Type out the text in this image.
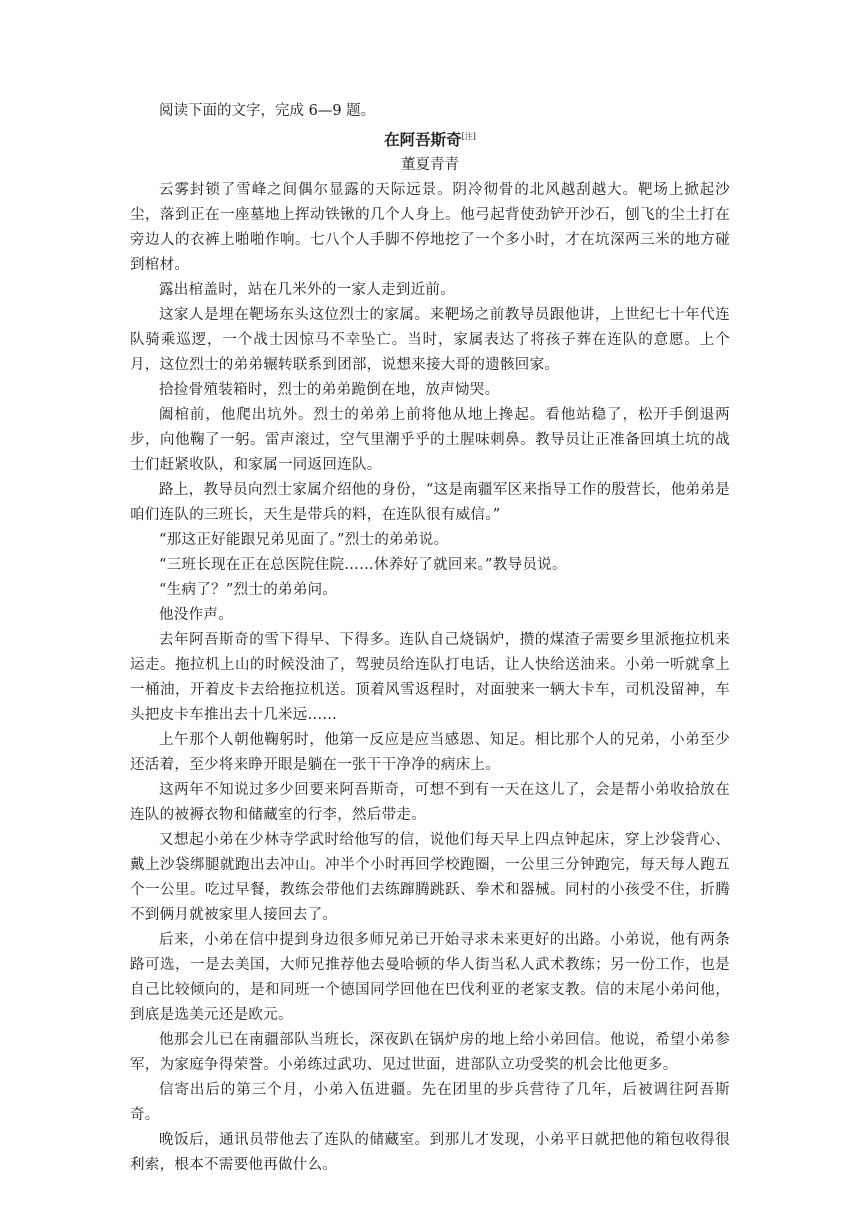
阅读下面的文字，完成 6—9 题。

在阿吾斯奇[注]

董夏青青

云雾封锁了雪峰之间偶尔显露的天际远景。阴冷彻骨的北风越刮越大。靶场上掀起沙尘，落到正在一座墓地上挥动铁锹的几个人身上。他弓起背使劲铲开沙石，刨飞的尘土打在旁边人的衣裤上啪啪作响。七八个人手脚不停地挖了一个多小时，才在坑深两三米的地方碰到棺材。

露出棺盖时，站在几米外的一家人走到近前。

这家人是埋在靶场东头这位烈士的家属。来靶场之前教导员跟他讲，上世纪七十年代连队骑乘巡逻，一个战士因惊马不幸坠亡。当时，家属表达了将孩子葬在连队的意愿。上个月，这位烈士的弟弟辗转联系到团部，说想来接大哥的遗骸回家。

拾捡骨殖装箱时，烈士的弟弟跪倒在地，放声恸哭。

阖棺前，他爬出坑外。烈士的弟弟上前将他从地上搀起。看他站稳了，松开手倒退两步，向他鞠了一躬。雷声滚过，空气里潮乎乎的土腥味刺鼻。教导员让正准备回填土坑的战士们赶紧收队，和家属一同返回连队。

路上，教导员向烈士家属介绍他的身份，“这是南疆军区来指导工作的殷营长，他弟弟是咱们连队的三班长，天生是带兵的料，在连队很有威信。”

“那这正好能跟兄弟见面了。”烈士的弟弟说。

“三班长现在正在总医院住院……休养好了就回来。”教导员说。

“生病了？”烈士的弟弟问。

他没作声。

去年阿吾斯奇的雪下得早、下得多。连队自己烧锅炉，攒的煤渣子需要乡里派拖拉机来运走。拖拉机上山的时候没油了，驾驶员给连队打电话，让人快给送油来。小弟一听就拿上一桶油，开着皮卡去给拖拉机送。顶着风雪返程时，对面驶来一辆大卡车，司机没留神，车头把皮卡车推出去十几米远……

上午那个人朝他鞠躬时，他第一反应是应当感恩、知足。相比那个人的兄弟，小弟至少还活着，至少将来睁开眼是躺在一张干干净净的病床上。

这两年不知说过多少回要来阿吾斯奇，可想不到有一天在这儿了，会是帮小弟收拾放在连队的被褥衣物和储藏室的行李，然后带走。

又想起小弟在少林寺学武时给他写的信，说他们每天早上四点钟起床，穿上沙袋背心、戴上沙袋绑腿就跑出去冲山。冲半个小时再回学校跑圈，一公里三分钟跑完，每天每人跑五个一公里。吃过早餐，教练会带他们去练蹿腾跳跃、拳术和器械。同村的小孩受不住，折腾不到俩月就被家里人接回去了。

后来，小弟在信中提到身边很多师兄弟已开始寻求未来更好的出路。小弟说，他有两条路可选，一是去美国，大师兄推荐他去曼哈顿的华人街当私人武术教练；另一份工作，也是自己比较倾向的，是和同班一个德国同学回他在巴伐利亚的老家支教。信的末尾小弟问他，到底是选美元还是欧元。

他那会儿已在南疆部队当班长，深夜趴在锅炉房的地上给小弟回信。他说，希望小弟参军，为家庭争得荣誉。小弟练过武功、见过世面，进部队立功受奖的机会比他更多。

信寄出后的第三个月，小弟入伍进疆。先在团里的步兵营待了几年，后被调往阿吾斯奇。

晚饭后，通讯员带他去了连队的储藏室。到那儿才发现，小弟平日就把他的箱包收得很利索，根本不需要他再做什么。
